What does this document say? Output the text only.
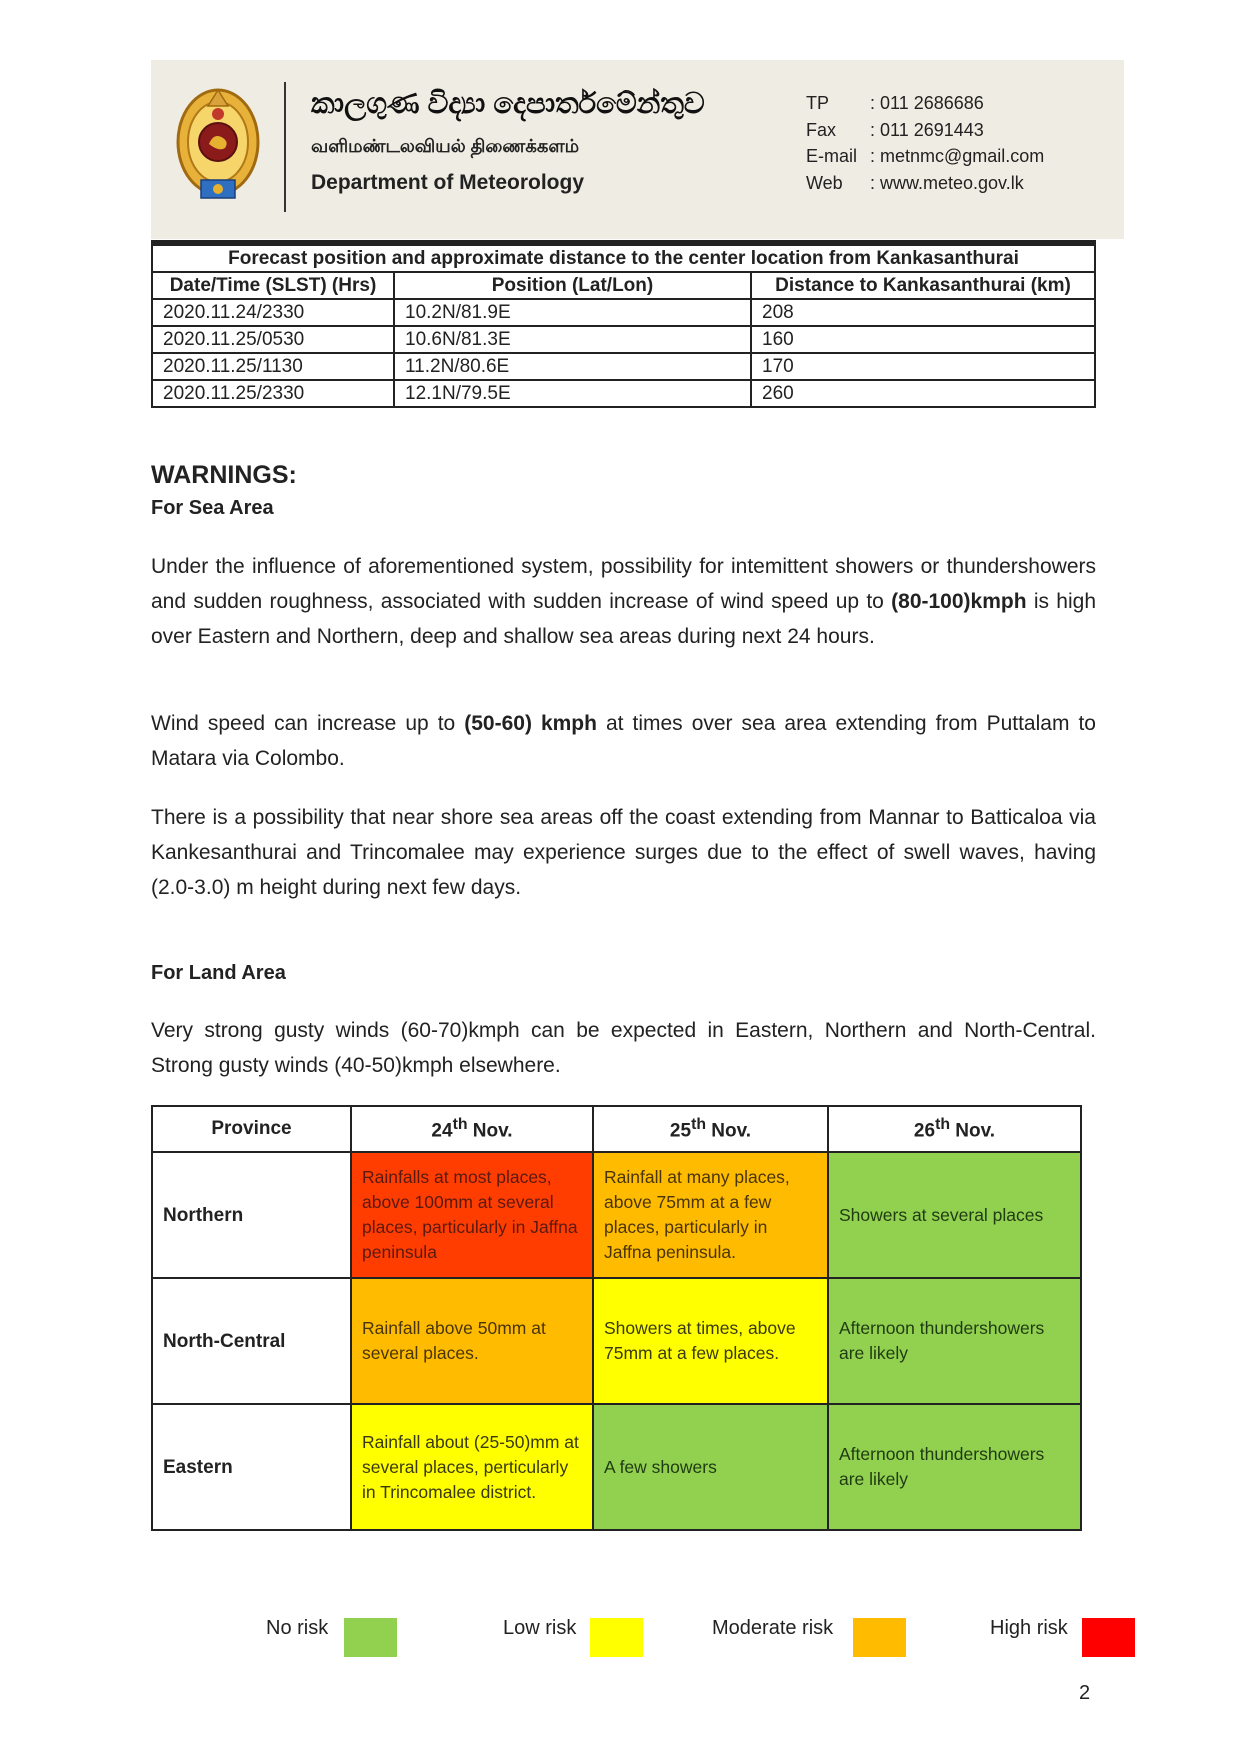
කාලගුණ විද්‍යා දෙපාර්තමේන්තුව
வளிமண்டலவியல் திணைக்களம்
Department of Meteorology
TP	: 011 2686686
Fax	: 011 2691443
E-mail : metnmc@gmail.com
Web	: www.meteo.gov.lk
Forecast position and approximate distance to the center location from Kankasanthurai		
Date/Time (SLST) (Hrs)	Position (Lat/Lon)	Distance to Kankasanthurai (km)
2020.11.24/2330	10.2N/81.9E	208
2020.11.25/0530	10.6N/81.3E	160
2020.11.25/1130	11.2N/80.6E	170
2020.11.25/2330	12.1N/79.5E	260
WARNINGS:
For Sea Area
Under the influence of aforementioned system, possibility for intemittent showers or thundershowers and sudden roughness, associated with sudden increase of wind speed up to (80-100)kmph is high over Eastern and Northern, deep and shallow sea areas during next 24 hours.
Wind speed can increase up to (50-60) kmph at times over sea area extending from Puttalam to Matara via Colombo.
There is a possibility that near shore sea areas off the coast extending from Mannar to Batticaloa via Kankesanthurai and Trincomalee may experience surges due to the effect of swell waves, having (2.0-3.0) m height during next few days.
For Land Area
Very strong gusty winds (60-70)kmph can be expected in Eastern, Northern and North-Central. Strong gusty winds (40-50)kmph elsewhere.
Province	24th Nov.	25th Nov.	26th Nov.
Northern	Rainfalls at most places, above 100mm at several places, particularly in Jaffna peninsula	Rainfall at many places, above 75mm at a few places, particularly in Jaffna peninsula.	Showers at several places
North-Central	Rainfall above 50mm at several places.	Showers at times, above 75mm at a few places.	Afternoon thundershowers are likely
Eastern	Rainfall about (25-50)mm at several places, perticularly in Trincomalee district.	A few showers	Afternoon thundershowers are likely
No risk	Low risk	Moderate risk	High risk
2
